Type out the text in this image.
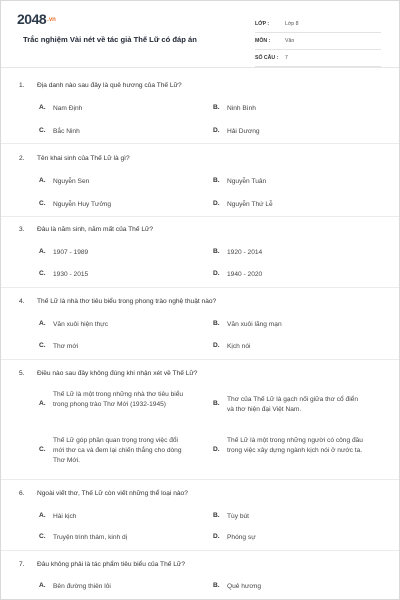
2048.vn
Trắc nghiệm Vài nét về tác giả Thế Lữ có đáp án
LỚP :	Lớp 8
MÔN :	Văn
SỐ CÂU : 7
1. Địa danh nào sau đây là quê hương của Thế Lữ?
A. Nam Định	B. Ninh Bình
C. Bắc Ninh	D. Hải Dương
2. Tên khai sinh của Thế Lữ là gì?
A. Nguyễn Sen	B. Nguyễn Tuân
C. Nguyễn Huy Tưởng	D. Nguyễn Thứ Lễ
3. Đâu là năm sinh, năm mất của Thế Lữ?
A. 1907 - 1989	B. 1920 - 2014
C. 1930 - 2015	D. 1940 - 2020
4. Thế Lữ là nhà thơ tiêu biểu trong phong trào nghệ thuật nào?
A. Văn xuôi hiện thực	B. Văn xuôi lãng mạn
C. Thơ mới	D. Kịch nói
5. Điều nào sau đây không đúng khi nhận xét về Thế Lữ?
A.
Thế Lữ là một trong những nhà thơ tiêu biểu trong phong trào Thơ Mới (1932-1945)	B.
Thơ của Thế Lữ là gạch nối giữa thơ cổ điển và thơ hiện đại Việt Nam.
C.
Thế Lữ góp phần quan trọng trong việc đổi mới thơ ca và đem lại chiến thắng cho dòng Thơ Mới.
D.
Thế Lữ là một trong những người có công đầu trong việc xây dựng ngành kịch nói ở nước ta.
6. Ngoài viết thơ, Thế Lữ còn viết những thể loại nào?
A. Hài kịch	B. Tùy bút
C. Truyện trinh thám, kinh dị	D. Phóng sự
7. Đâu không phải là tác phẩm tiêu biểu của Thế Lữ?
A. Bên đường thiên lôi	B. Quê hương
